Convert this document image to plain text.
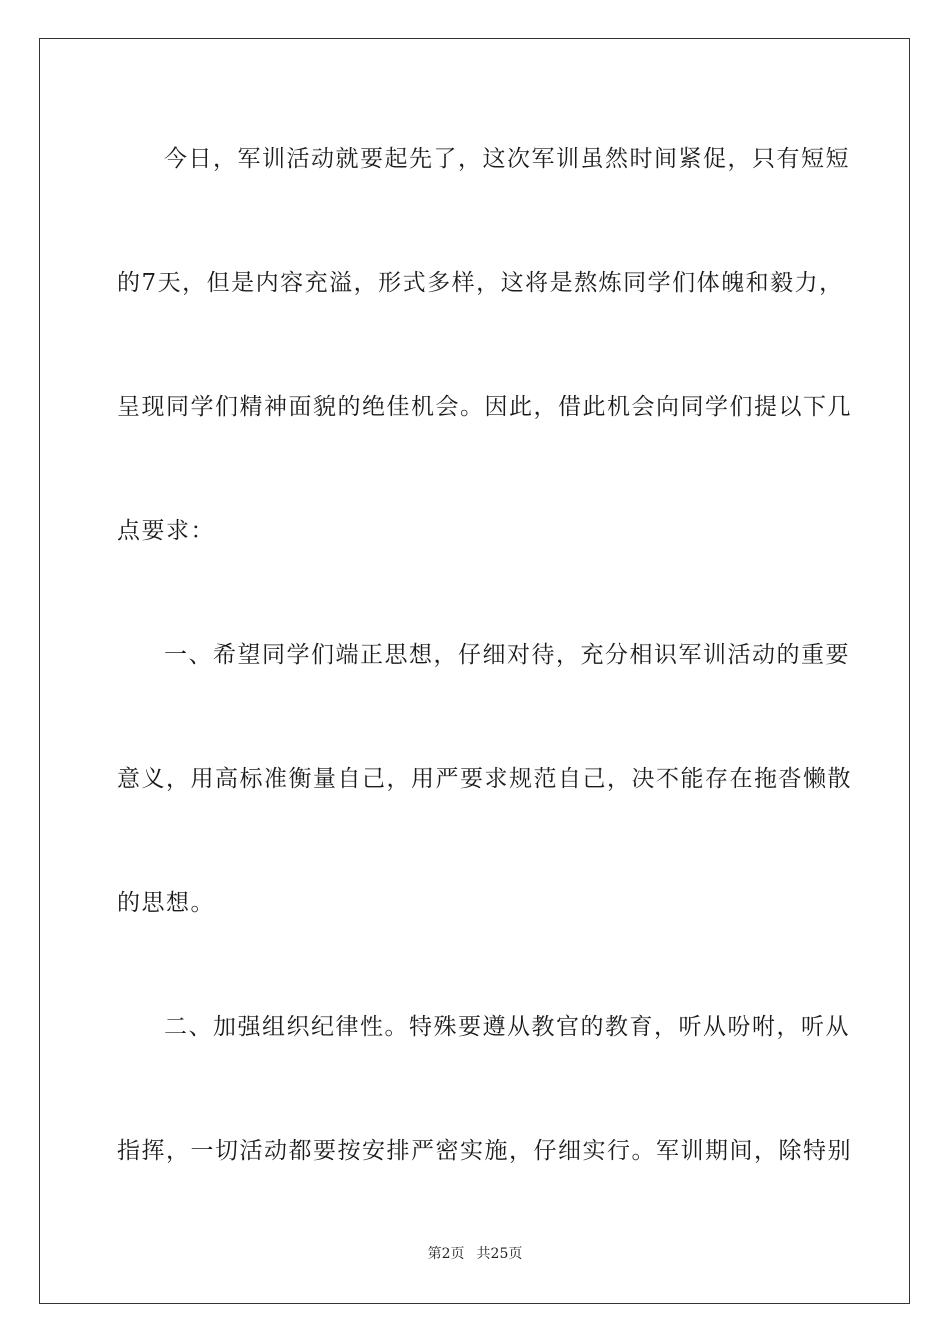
今日，军训活动就要起先了，这次军训虽然时间紧促，只有短短
的7天，但是内容充溢，形式多样，这将是熬炼同学们体魄和毅力，
呈现同学们精神面貌的绝佳机会。因此，借此机会向同学们提以下几
点要求：
一、希望同学们端正思想，仔细对待，充分相识军训活动的重要
意义，用高标准衡量自己，用严要求规范自己，决不能存在拖沓懒散
的思想。
二、加强组织纪律性。特殊要遵从教官的教育，听从吩咐，听从
指挥，一切活动都要按安排严密实施，仔细实行。军训期间，除特别
第2页 共25页
